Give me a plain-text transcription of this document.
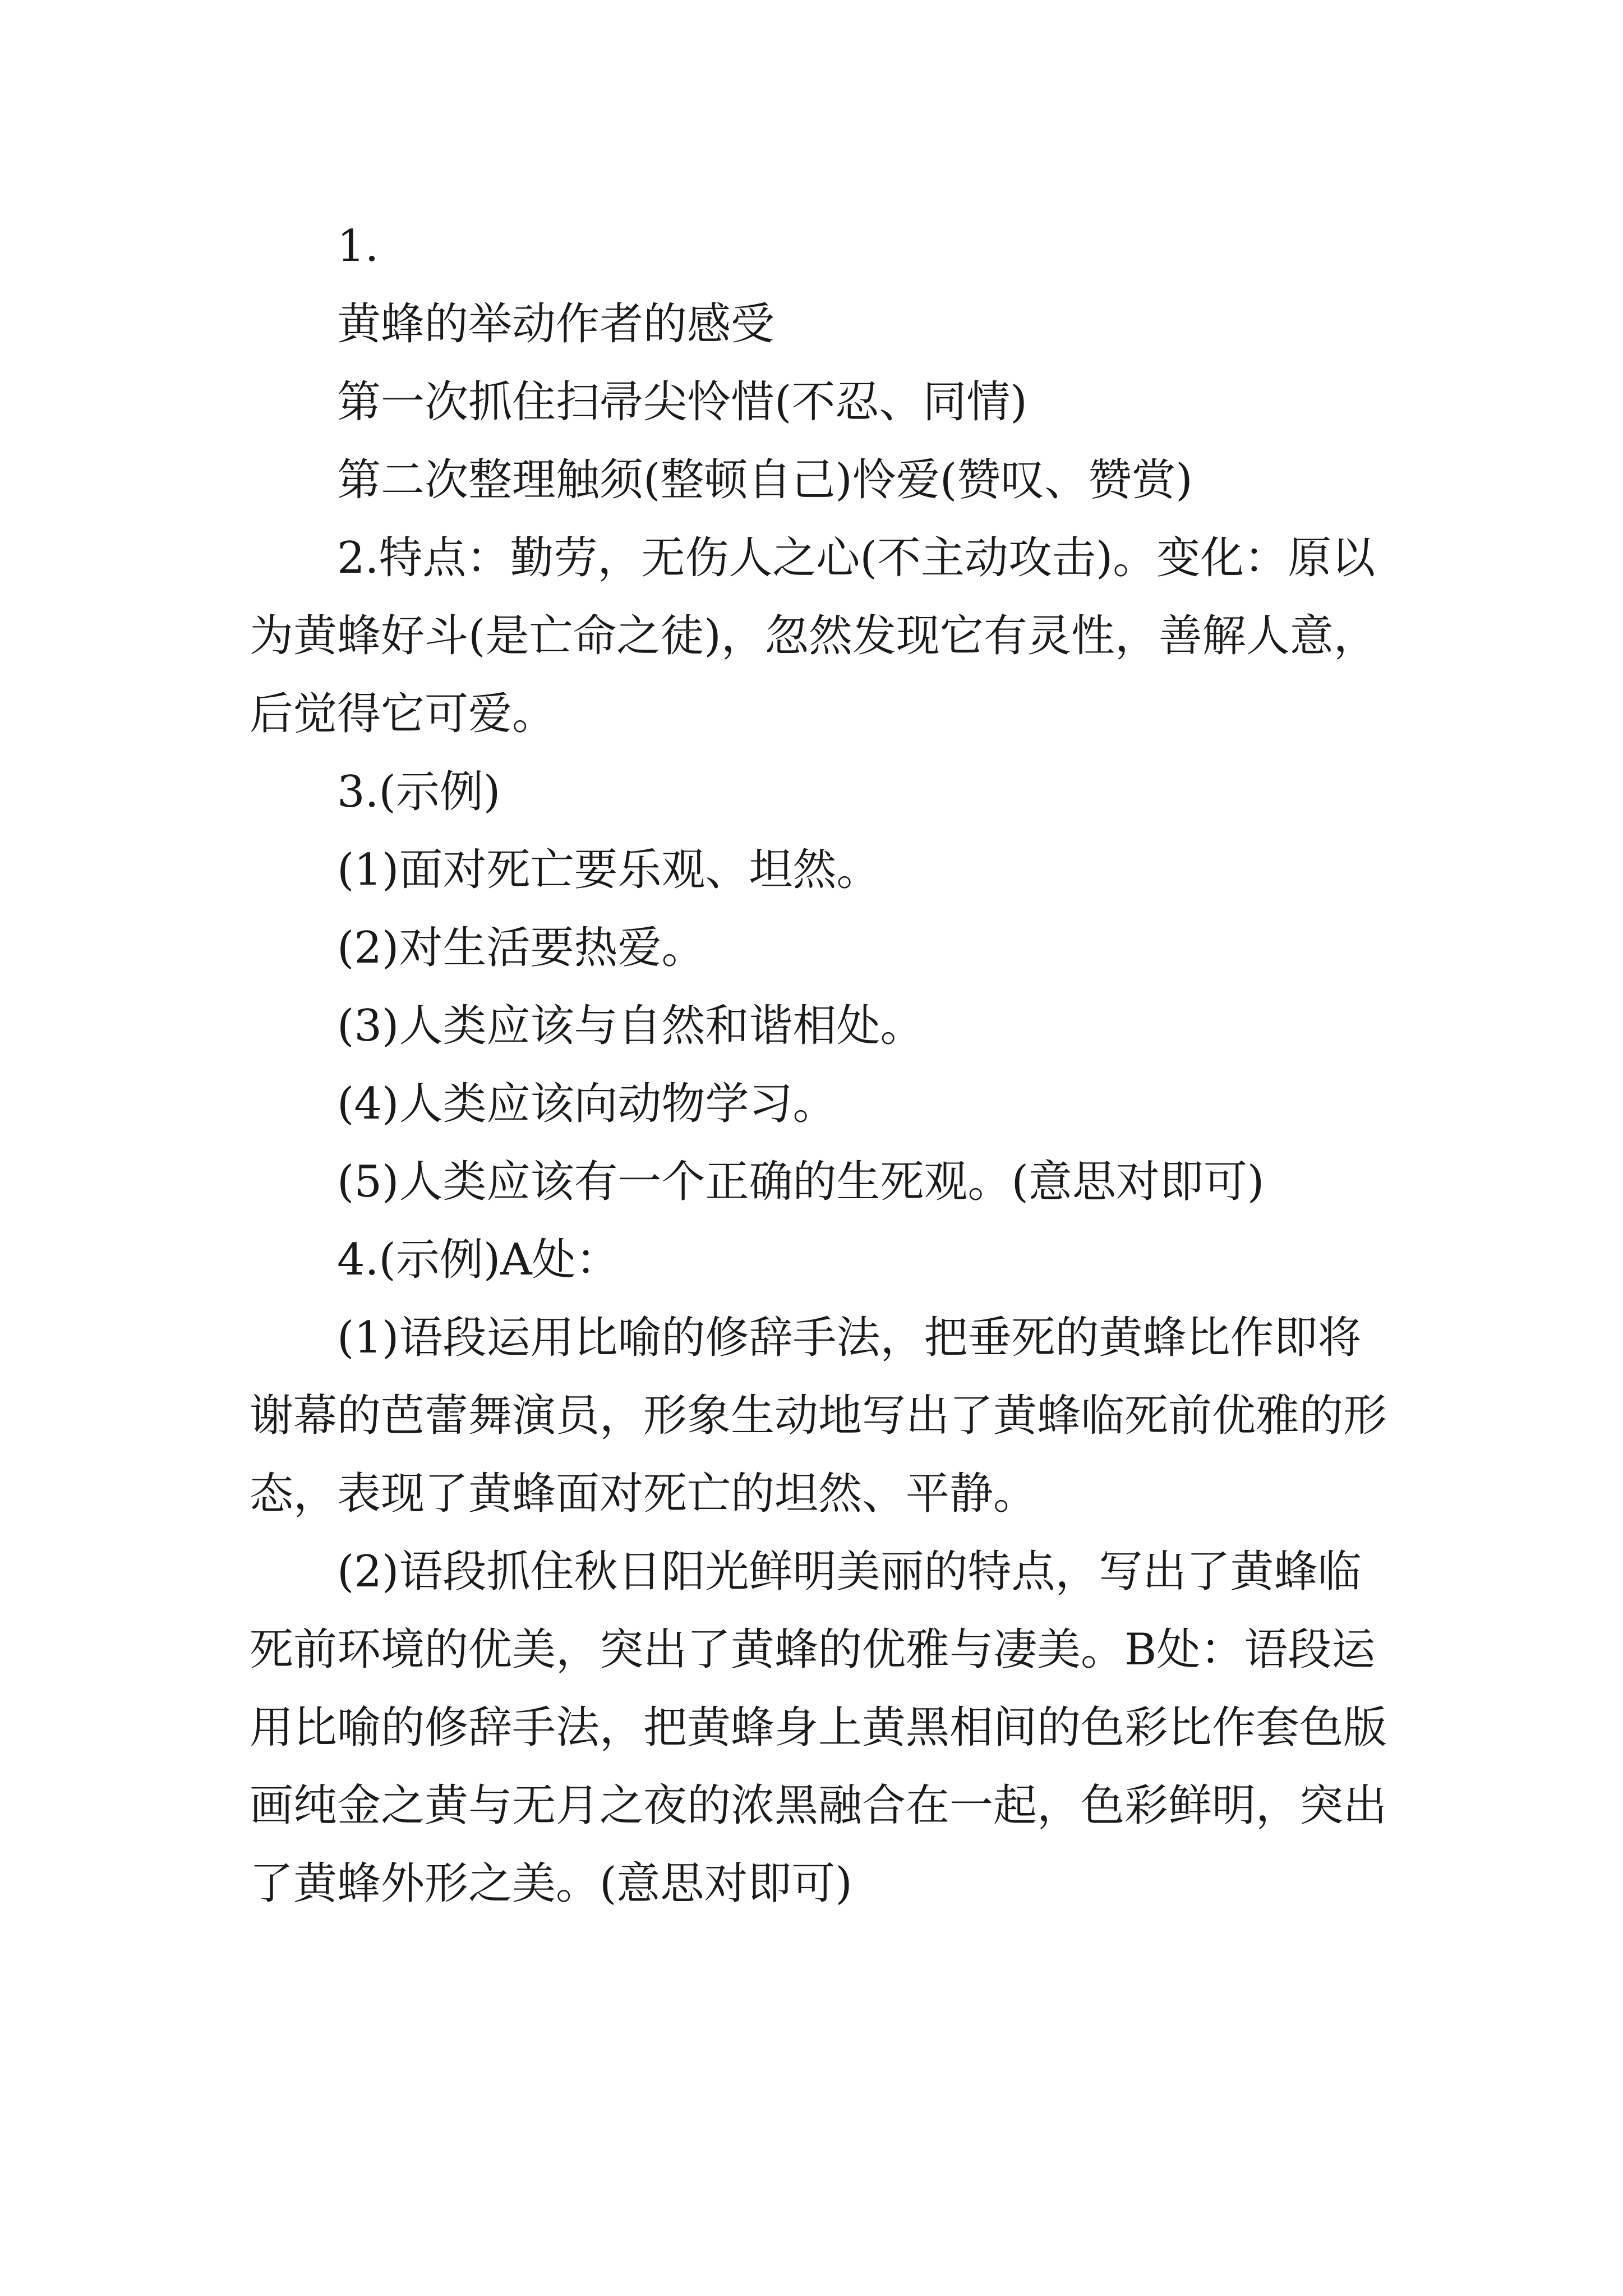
1.

黄蜂的举动作者的感受

第一次抓住扫帚尖怜惜(不忍、同情)

第二次整理触须(整顿自己)怜爱(赞叹、赞赏)

2.特点：勤劳，无伤人之心(不主动攻击)。变化：原以为黄蜂好斗(是亡命之徒)，忽然发现它有灵性，善解人意，后觉得它可爱。

3.(示例)

(1)面对死亡要乐观、坦然。

(2)对生活要热爱。

(3)人类应该与自然和谐相处。

(4)人类应该向动物学习。

(5)人类应该有一个正确的生死观。(意思对即可)

4.(示例)A处：

(1)语段运用比喻的修辞手法，把垂死的黄蜂比作即将谢幕的芭蕾舞演员，形象生动地写出了黄蜂临死前优雅的形态，表现了黄蜂面对死亡的坦然、平静。

(2)语段抓住秋日阳光鲜明美丽的特点，写出了黄蜂临死前环境的优美，突出了黄蜂的优雅与凄美。B处：语段运用比喻的修辞手法，把黄蜂身上黄黑相间的色彩比作套色版画纯金之黄与无月之夜的浓黑融合在一起，色彩鲜明，突出了黄蜂外形之美。(意思对即可)
